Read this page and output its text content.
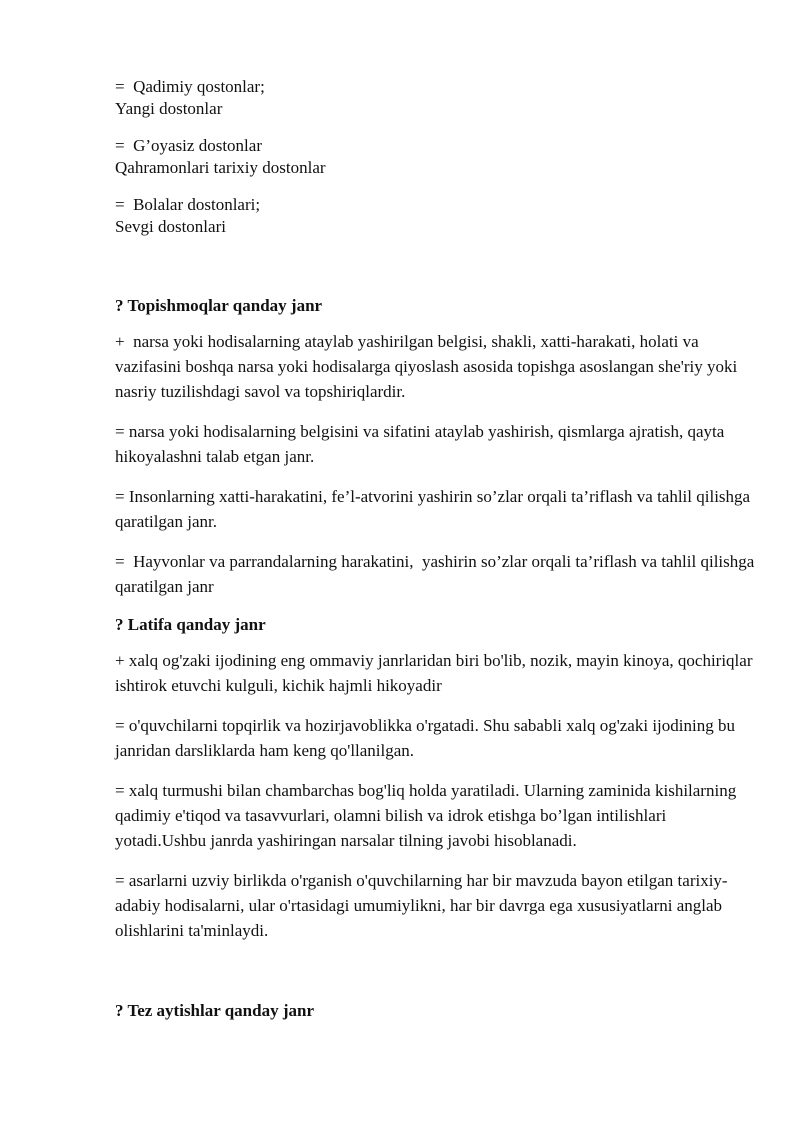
=  Qadimiy qostonlar;
Yangi dostonlar
=  G’oyasiz dostonlar
Qahramonlari tarixiy dostonlar
=  Bolalar dostonlari;
Sevgi dostonlari

? Topishmoqlar qanday janr

+  narsa yoki hodisalarning ataylab yashirilgan belgisi, shakli, xatti-harakati, holati va vazifasini boshqa narsa yoki hodisalarga qiyoslash asosida topishga asoslangan she'riy yoki nasriy tuzilishdagi savol va topshiriqlardir.

= narsa yoki hodisalarning belgisini va sifatini ataylab yashirish, qismlarga ajratish, qayta hikoyalashni talab etgan janr.

= Insonlarning xatti-harakatini, fe’l-atvorini yashirin so’zlar orqali ta’riflash va tahlil qilishga qaratilgan janr.

=  Hayvonlar va parrandalarning harakatini,  yashirin so’zlar orqali ta’riflash va tahlil qilishga qaratilgan janr

? Latifa qanday janr

+ xalq og'zaki ijodining eng ommaviy janrlaridan biri bo'lib, nozik, mayin kinoya, qochiriqlar ishtirok etuvchi kulguli, kichik hajmli hikoyadir

= o'quvchilarni topqirlik va hozirjavoblikka o'rgatadi. Shu sababli xalq og'zaki ijodining bu janridan darsliklarda ham keng qo'llanilgan.

= xalq turmushi bilan chambarchas bog'liq holda yaratiladi. Ularning zaminida kishilarning qadimiy e'tiqod va tasavvurlari, olamni bilish va idrok etishga bo’lgan intilishlari yotadi.Ushbu janrda yashiringan narsalar tilning javobi hisoblanadi.

= asarlarni uzviy birlikda o'rganish o'quvchilarning har bir mavzuda bayon etilgan tarixiy-adabiy hodisalarni, ular o'rtasidagi umumiylikni, har bir davrga ega xususiyatlarni anglab olishlarini ta'minlaydi.

? Tez aytishlar qanday janr
